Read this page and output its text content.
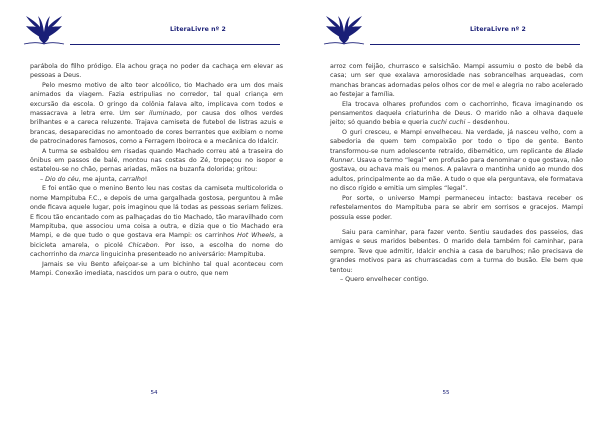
LiteraLivre nº 2

parábola do filho pródigo. Ela achou graça no poder da cachaça em elevar as pessoas a Deus.

Pelo mesmo motivo de alto teor alcoólico, tio Machado era um dos mais animados da viagem. Fazia estripulias no corredor, tal qual criança em excursão da escola. O gringo da colônia falava alto, implicava com todos e massacrava a letra erre. Um ser iluminado, por causa dos olhos verdes brilhantes e a careca reluzente. Trajava camiseta de futebol de listras azuis e brancas, desaparecidas no amontoado de cores berrantes que exibiam o nome de patrocinadores famosos, como a Ferragem Iboiroca e a mecânica do Idalcir.

A turma se esbaldou em risadas quando Machado correu até a traseira do ônibus em passos de balé, montou nas costas do Zé, tropeçou no isopor e estatelou-se no chão, pernas ariadas, mãos na buzanfa dolorida; gritou:

– Dio do céu, me ajunta, carralho!

E foi então que o menino Bento leu nas costas da camiseta multicolorida o nome Mampituba F.C., e depois de uma gargalhada gostosa, perguntou à mãe onde ficava aquele lugar, pois imaginou que lá todas as pessoas seriam felizes. E ficou tão encantado com as palhaçadas do tio Machado, tão maravilhado com Mampituba, que associou uma coisa a outra, e dizia que o tio Machado era Mampi, e de que tudo o que gostava era Mampi: os carrinhos Hot Wheels, a bicicleta amarela, o picolé Chicabon. Por isso, a escolha do nome do cachorrinho da marca linguicinha presenteado no aniversário: Mampituba.

Jamais se viu Bento afeiçoar-se a um bichinho tal qual aconteceu com Mampi. Conexão imediata, nascidos um para o outro, que nem

54
LiteraLivre nº 2

arroz com feijão, churrasco e salsichão. Mampi assumiu o posto de bebê da casa; um ser que exalava amorosidade nas sobrancelhas arqueadas, com manchas brancas adornadas pelos olhos cor de mel e alegria no rabo acelerado ao festejar a família.

Ela trocava olhares profundos com o cachorrinho, ficava imaginando os pensamentos daquela criaturinha de Deus. O marido não a olhava daquele jeito; só quando bebia e queria cuchi cuchi – desdenhou.

O guri cresceu, e Mampi envelheceu. Na verdade, já nasceu velho, com a sabedoria de quem tem compaixão por todo o tipo de gente. Bento transformou-se num adolescente retraído, dibernético, um replicante de Blade Runner. Usava o termo “legal” em profusão para denominar o que gostava, não gostava, ou achava mais ou menos. A palavra o mantinha unido ao mundo dos adultos, principalmente ao da mãe. A tudo o que ela perguntava, ele formatava no disco rígido e emitia um simples “legal”.

Por sorte, o universo Mampi permaneceu intacto: bastava receber os refestelamentos do Mampituba para se abrir em sorrisos e gracejos. Mampi possuía esse poder.

Saiu para caminhar, para fazer vento. Sentiu saudades dos passeios, das amigas e seus maridos bebentes. O marido dela também foi caminhar, para sempre. Teve que admitir, Idalcir enchia a casa de barulhos; não precisava de grandes motivos para as churrascadas com a turma do busão. Ele bem que tentou:

– Quero envelhecer contigo.

55
